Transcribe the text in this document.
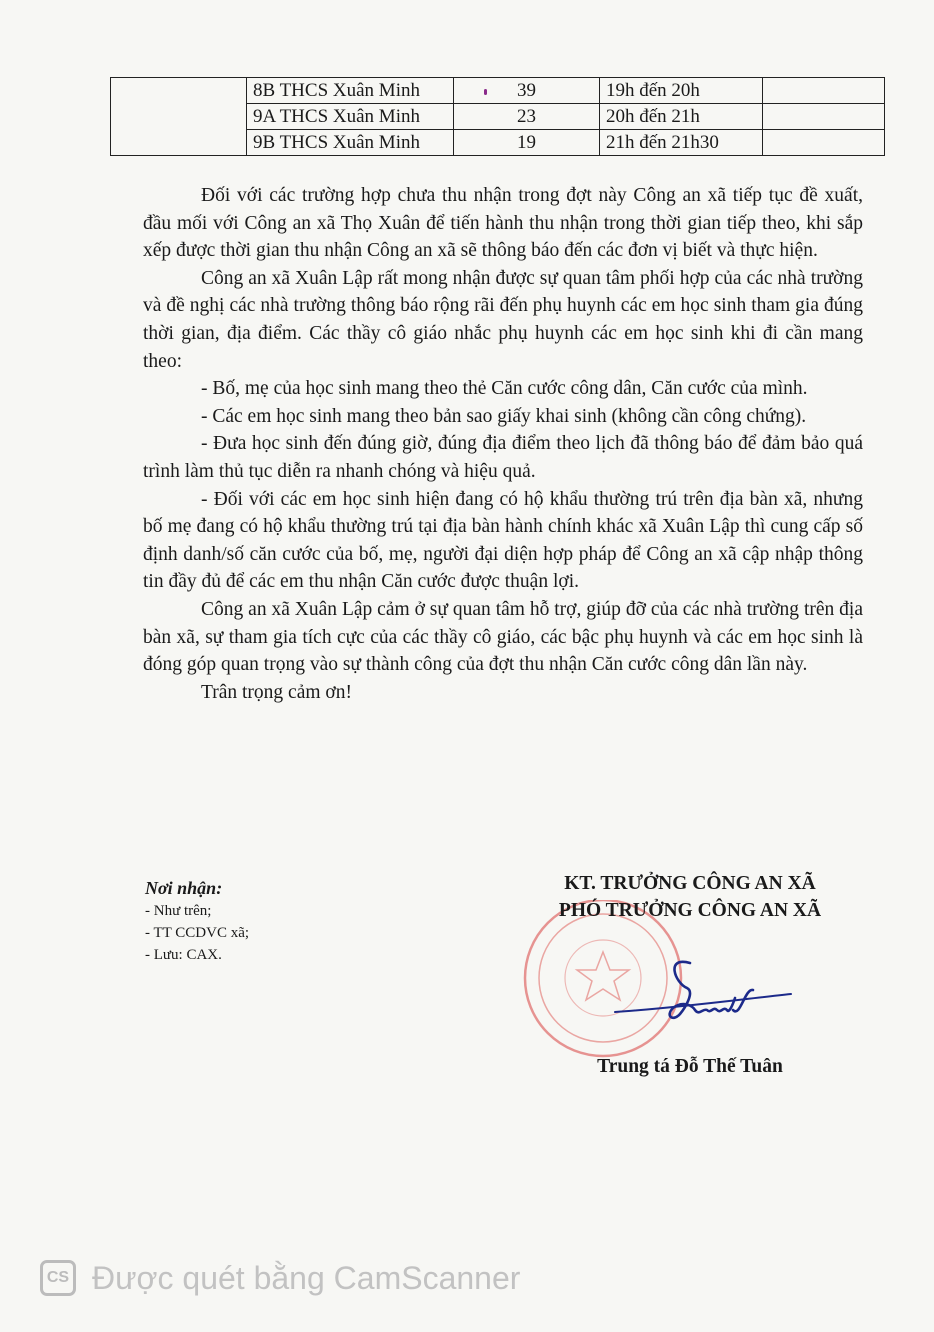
	8B THCS Xuân Minh	39	19h đến 20h	
	9A THCS Xuân Minh	23	20h đến 21h	
	9B THCS Xuân Minh	19	21h đến 21h30	

Đối với các trường hợp chưa thu nhận trong đợt này Công an xã tiếp tục đề xuất, đầu mối với Công an xã Thọ Xuân để tiến hành thu nhận trong thời gian tiếp theo, khi sắp xếp được thời gian thu nhận Công an xã sẽ thông báo đến các đơn vị biết và thực hiện.

Công an xã Xuân Lập rất mong nhận được sự quan tâm phối hợp của các nhà trường và đề nghị các nhà trường thông báo rộng rãi đến phụ huynh các em học sinh tham gia đúng thời gian, địa điểm. Các thầy cô giáo nhắc phụ huynh các em học sinh khi đi cần mang theo:

- Bố, mẹ của học sinh mang theo thẻ Căn cước công dân, Căn cước của mình.

- Các em học sinh mang theo bản sao giấy khai sinh (không cần công chứng).

- Đưa học sinh đến đúng giờ, đúng địa điểm theo lịch đã thông báo để đảm bảo quá trình làm thủ tục diễn ra nhanh chóng và hiệu quả.

- Đối với các em học sinh hiện đang có hộ khẩu thường trú trên địa bàn xã, nhưng bố mẹ đang có hộ khẩu thường trú tại địa bàn hành chính khác xã Xuân Lập thì cung cấp số định danh/số căn cước của bố, mẹ, người đại diện hợp pháp để Công an xã cập nhập thông tin đầy đủ để các em thu nhận Căn cước được thuận lợi.

Công an xã Xuân Lập cảm ở sự quan tâm hỗ trợ, giúp đỡ của các nhà trường trên địa bàn xã, sự tham gia tích cực của các thầy cô giáo, các bậc phụ huynh và các em học sinh là đóng góp quan trọng vào sự thành công của đợt thu nhận Căn cước công dân lần này.

Trân trọng cảm ơn!

Nơi nhận:
- Như trên;
- TT CCDVC xã;
- Lưu: CAX.
KT. TRƯỞNG CÔNG AN XÃ
PHÓ TRƯỞNG CÔNG AN XÃ
Trung tá Đỗ Thế Tuân
CS Được quét bằng CamScanner
